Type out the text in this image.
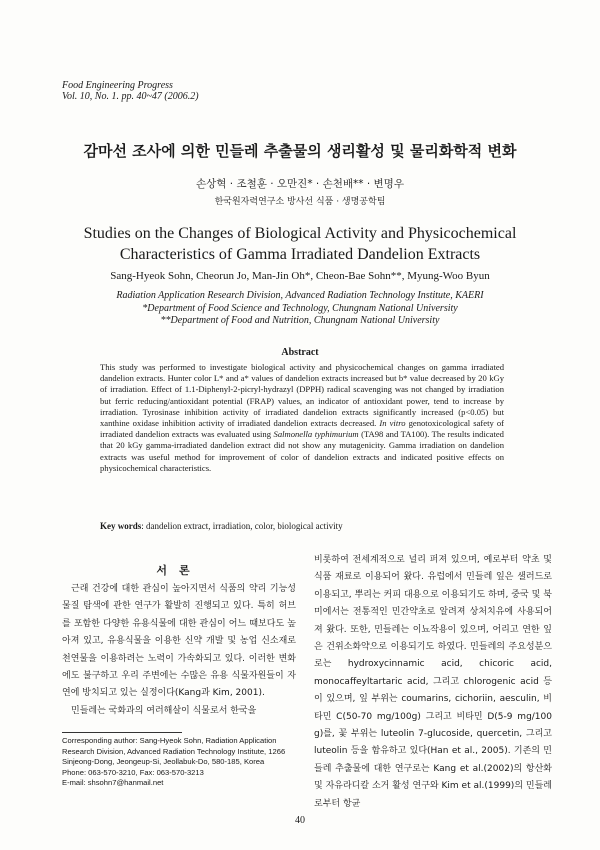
Food Engineering Progress
Vol. 10, No. 1. pp. 40~47 (2006.2)
감마선 조사에 의한 민들레 추출물의 생리활성 및 물리화학적 변화
손상혁 · 조철훈 · 오만진* · 손천배** · 변명우
한국원자력연구소 방사선 식품 · 생명공학팀
Studies on the Changes of Biological Activity and Physicochemical
Characteristics of Gamma Irradiated Dandelion Extracts
Sang-Hyeok Sohn, Cheorun Jo, Man-Jin Oh*, Cheon-Bae Sohn**, Myung-Woo Byun
Radiation Application Research Division, Advanced Radiation Technology Institute, KAERI
*Department of Food Science and Technology, Chungnam National University
**Department of Food and Nutrition, Chungnam National University
Abstract
This study was performed to investigate biological activity and physicochemical changes on gamma irradiated dandelion extracts. Hunter color L* and a* values of dandelion extracts increased but b* value decreased by 20 kGy of irradiation. Effect of 1.1-Diphenyl-2-picryl-hydrazyl (DPPH) radical scavenging was not changed by irradiation but ferric reducing/antioxidant potential (FRAP) values, an indicator of antioxidant power, tend to increase by irradiation. Tyrosinase inhibition activity of irradiated dandelion extracts significantly increased (p<0.05) but xanthine oxidase inhibition activity of irradiated dandelion extracts decreased. In vitro genotoxicological safety of irradiated dandelion extracts was evaluated using Salmonella typhimurium (TA98 and TA100). The results indicated that 20 kGy gamma-irradiated dandelion extract did not show any mutagenicity. Gamma irradiation on dandelion extracts was useful method for improvement of color of dandelion extracts and indicated positive effects on physicochemical characteristics.
Key words: dandelion extract, irradiation, color, biological activity
서론

근래 건강에 대한 관심이 높아지면서 식품의 약리 기능성 물질 탐색에 관한 연구가 활발히 진행되고 있다. 특히 허브를 포함한 다양한 유용식물에 대한 관심이 어느 때보다도 높아져 있고, 유용식물을 이용한 신약 개발 및 농업 신소재로 천연물을 이용하려는 노력이 가속화되고 있다. 이러한 변화에도 불구하고 우리 주변에는 수많은 유용 식물자원들이 자연에 방치되고 있는 실정이다(Kang과 Kim, 2001).

민들레는 국화과의 여러해살이 식물로서 한국을

비롯하여 전세계적으로 널리 퍼져 있으며, 예로부터 약초 및 식품 재료로 이용되어 왔다. 유럽에서 민들레 잎은 샐러드로 이용되고, 뿌리는 커피 대용으로 이용되기도 하며, 중국 및 북미에서는 전통적인 민간약초로 알려져 상처치유에 사용되어져 왔다. 또한, 민들레는 이뇨작용이 있으며, 어리고 연한 잎은 건위소화약으로 이용되기도 하였다. 민들레의 주요성분으로는 hydroxycinnamic acid, chicoric acid, monocaffeyltartaric acid, 그리고 chlorogenic acid 등이 있으며, 잎 부위는 coumarins, cichoriin, aesculin, 비타민 C(50-70 mg/100g) 그리고 비타민 D(5-9 mg/100 g)를, 꽃 부위는 luteolin 7-glucoside, quercetin, 그리고 luteolin 등을 함유하고 있다(Han et al., 2005). 기존의 민들레 추출물에 대한 연구로는 Kang et al.(2002)의 항산화 및 자유라디칼 소거 활성 연구와 Kim et al.(1999)의 민들레로부터 항균

Corresponding author: Sang-Hyeok Sohn, Radiation Application Research Division, Advanced Radiation Technology Institute, 1266 Sinjeong-Dong, Jeongeup-Si, Jeollabuk-Do, 580-185, Korea
Phone: 063-570-3210, Fax: 063-570-3213
E-mail: shsohn7@hanmail.net
40
